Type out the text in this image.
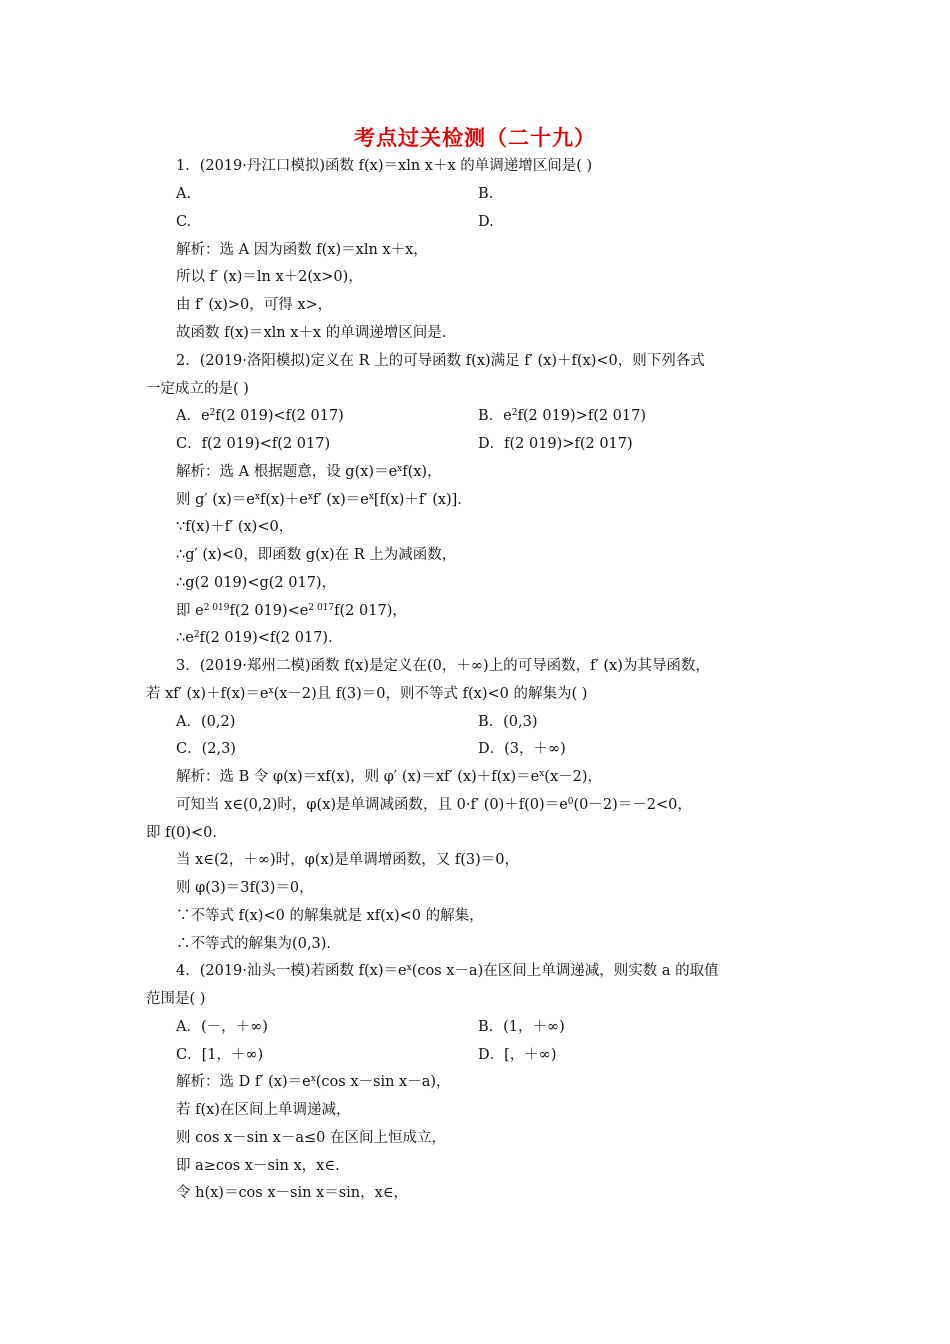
考点过关检测（二十九）
1．(2019·丹江口模拟)函数 f(x)＝xln x＋x 的单调递增区间是( )
A.	B.
C.	D.
解析：选 A 因为函数 f(x)＝xln x＋x，
所以 f′ (x)＝ln x＋2(x>0)，
由 f′ (x)>0，可得 x>，
故函数 f(x)＝xln x＋x 的单调递增区间是.
2．(2019·洛阳模拟)定义在 R 上的可导函数 f(x)满足 f′ (x)＋f(x)<0，则下列各式
一定成立的是( )
A．$e^2f(2$ 019)<f(2 017)	B．$e^2f(2$ 019)>f(2 017)
C．f(2 019)<f(2 017)	D．f(2 019)>f(2 017)
解析：选 A 根据题意，设 $g(x)=e^xf(x)$，
则 g′ $(x)=e^xf(x)+e^xf'$ $(x)=e^x[f(x)+f'$ (x)]．
∵f(x)＋f′ (x)<0，
∴g′ (x)<0，即函数 g(x)在 R 上为减函数，
∴g(2 019)<g(2 017)，
即 $e^{2 019}f(2$ $019)<e^{2 017}f(2$ 017)，
$\therefore e^2f(2$ 019)<f(2 017)．
3．(2019·郑州二模)函数 f(x)是定义在(0，＋∞)上的可导函数，f′ (x)为其导函数，
若 xf′ $(x)+f(x)=e^x(x-2)$且 f(3)＝0，则不等式 f(x)<0 的解集为( )
A．(0,2)	B．(0,3)
C．(2,3)	D．(3，＋∞)
解析：选 B 令 φ(x)＝xf(x)，则 φ′ (x)＝xf′ $(x)+f(x)=e^x(x-2)$，
可知当 x∈(0,2)时，φ(x)是单调减函数，且 0·f′ $(0)+f(0)=e^0(0-2)=-2<0$，
即 f(0)<0.
当 x∈(2，＋∞)时，φ(x)是单调增函数，又 f(3)＝0，
则 φ(3)＝3f(3)＝0，
∵不等式 f(x)<0 的解集就是 xf(x)<0 的解集，
∴不等式的解集为(0,3)．
4．(2019·汕头一模)若函数 $f(x)=e^x(\cos$ x－a)在区间上单调递减，则实数 a 的取值
范围是( )
A．(－，＋∞)	B．(1，＋∞)
C．[1，＋∞)	D．[，＋∞)
解析：选 D f′ $(x)=e^x(\cos$ x－sin x－a)，
若 f(x)在区间上单调递减，
则 cos x－sin x－a≤0 在区间上恒成立，
即 a≥cos x－sin x，x∈.
令 h(x)＝cos x－sin x＝sin，x∈，
